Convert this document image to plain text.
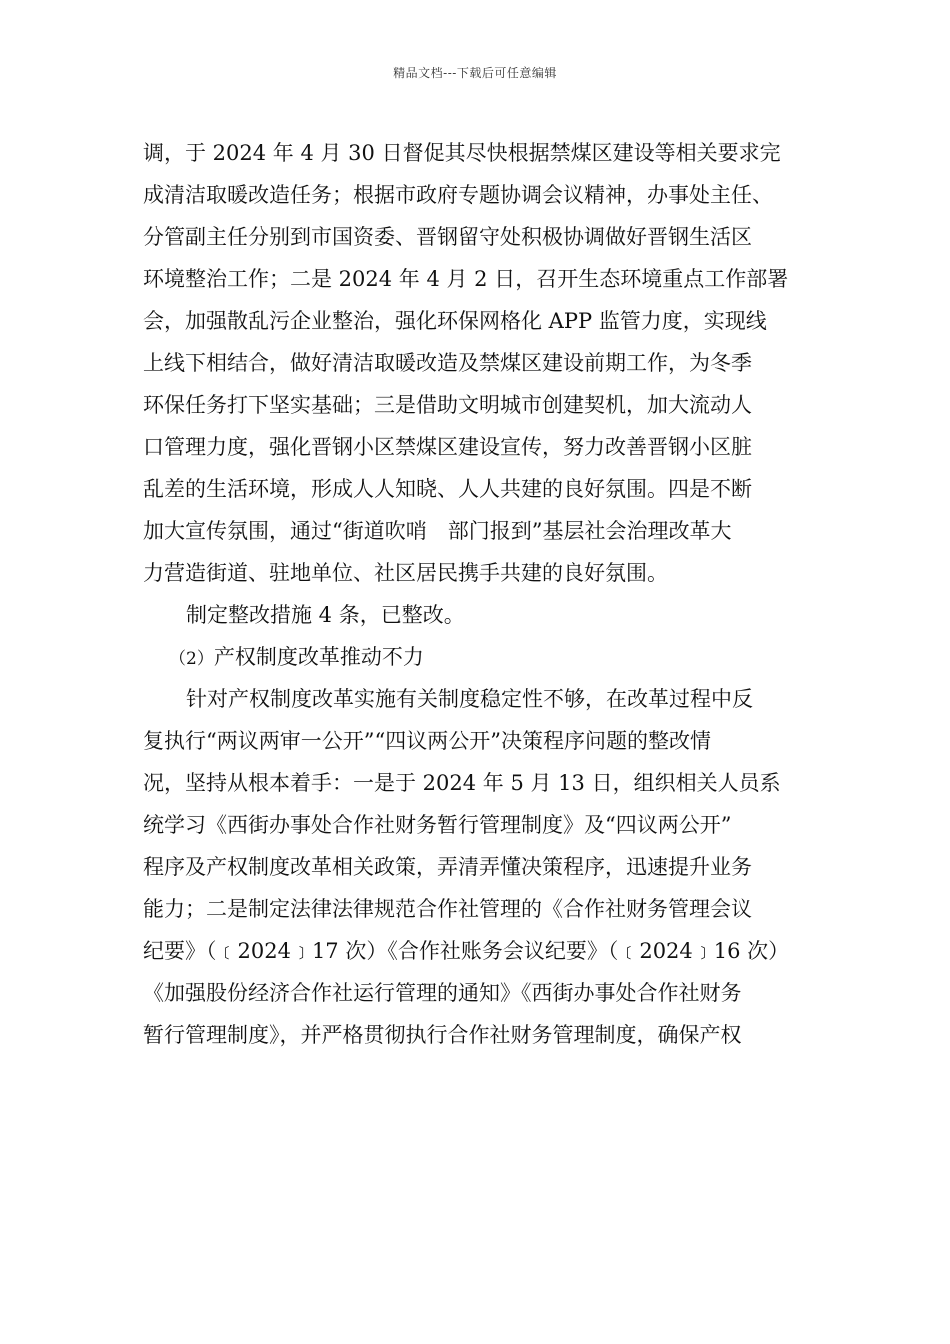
精品文档---下载后可任意编辑
调，于 2024 年 4 月 30 日督促其尽快根据禁煤区建设等相关要求完
成清洁取暖改造任务；根据市政府专题协调会议精神，办事处主任、
分管副主任分别到市国资委、晋钢留守处积极协调做好晋钢生活区
环境整治工作；二是 2024 年 4 月 2 日，召开生态环境重点工作部署
会，加强散乱污企业整治，强化环保网格化 APP 监管力度，实现线
上线下相结合，做好清洁取暖改造及禁煤区建设前期工作，为冬季
环保任务打下坚实基础；三是借助文明城市创建契机，加大流动人
口管理力度，强化晋钢小区禁煤区建设宣传，努力改善晋钢小区脏
乱差的生活环境，形成人人知晓、人人共建的良好氛围。四是不断
加大宣传氛围，通过“街道吹哨　部门报到”基层社会治理改革大
力营造街道、驻地单位、社区居民携手共建的良好氛围。
制定整改措施 4 条，已整改。
（2）产权制度改革推动不力
针对产权制度改革实施有关制度稳定性不够，在改革过程中反
复执行“两议两审一公开”“四议两公开”决策程序问题的整改情
况，坚持从根本着手：一是于 2024 年 5 月 13 日，组织相关人员系
统学习《西街办事处合作社财务暂行管理制度》及“四议两公开”
程序及产权制度改革相关政策，弄清弄懂决策程序，迅速提升业务
能力；二是制定法律法律规范合作社管理的《合作社财务管理会议
纪要》（﹝2024﹞17 次）《合作社账务会议纪要》（﹝2024﹞16 次）
《加强股份经济合作社运行管理的通知》《西街办事处合作社财务
暂行管理制度》，并严格贯彻执行合作社财务管理制度，确保产权
